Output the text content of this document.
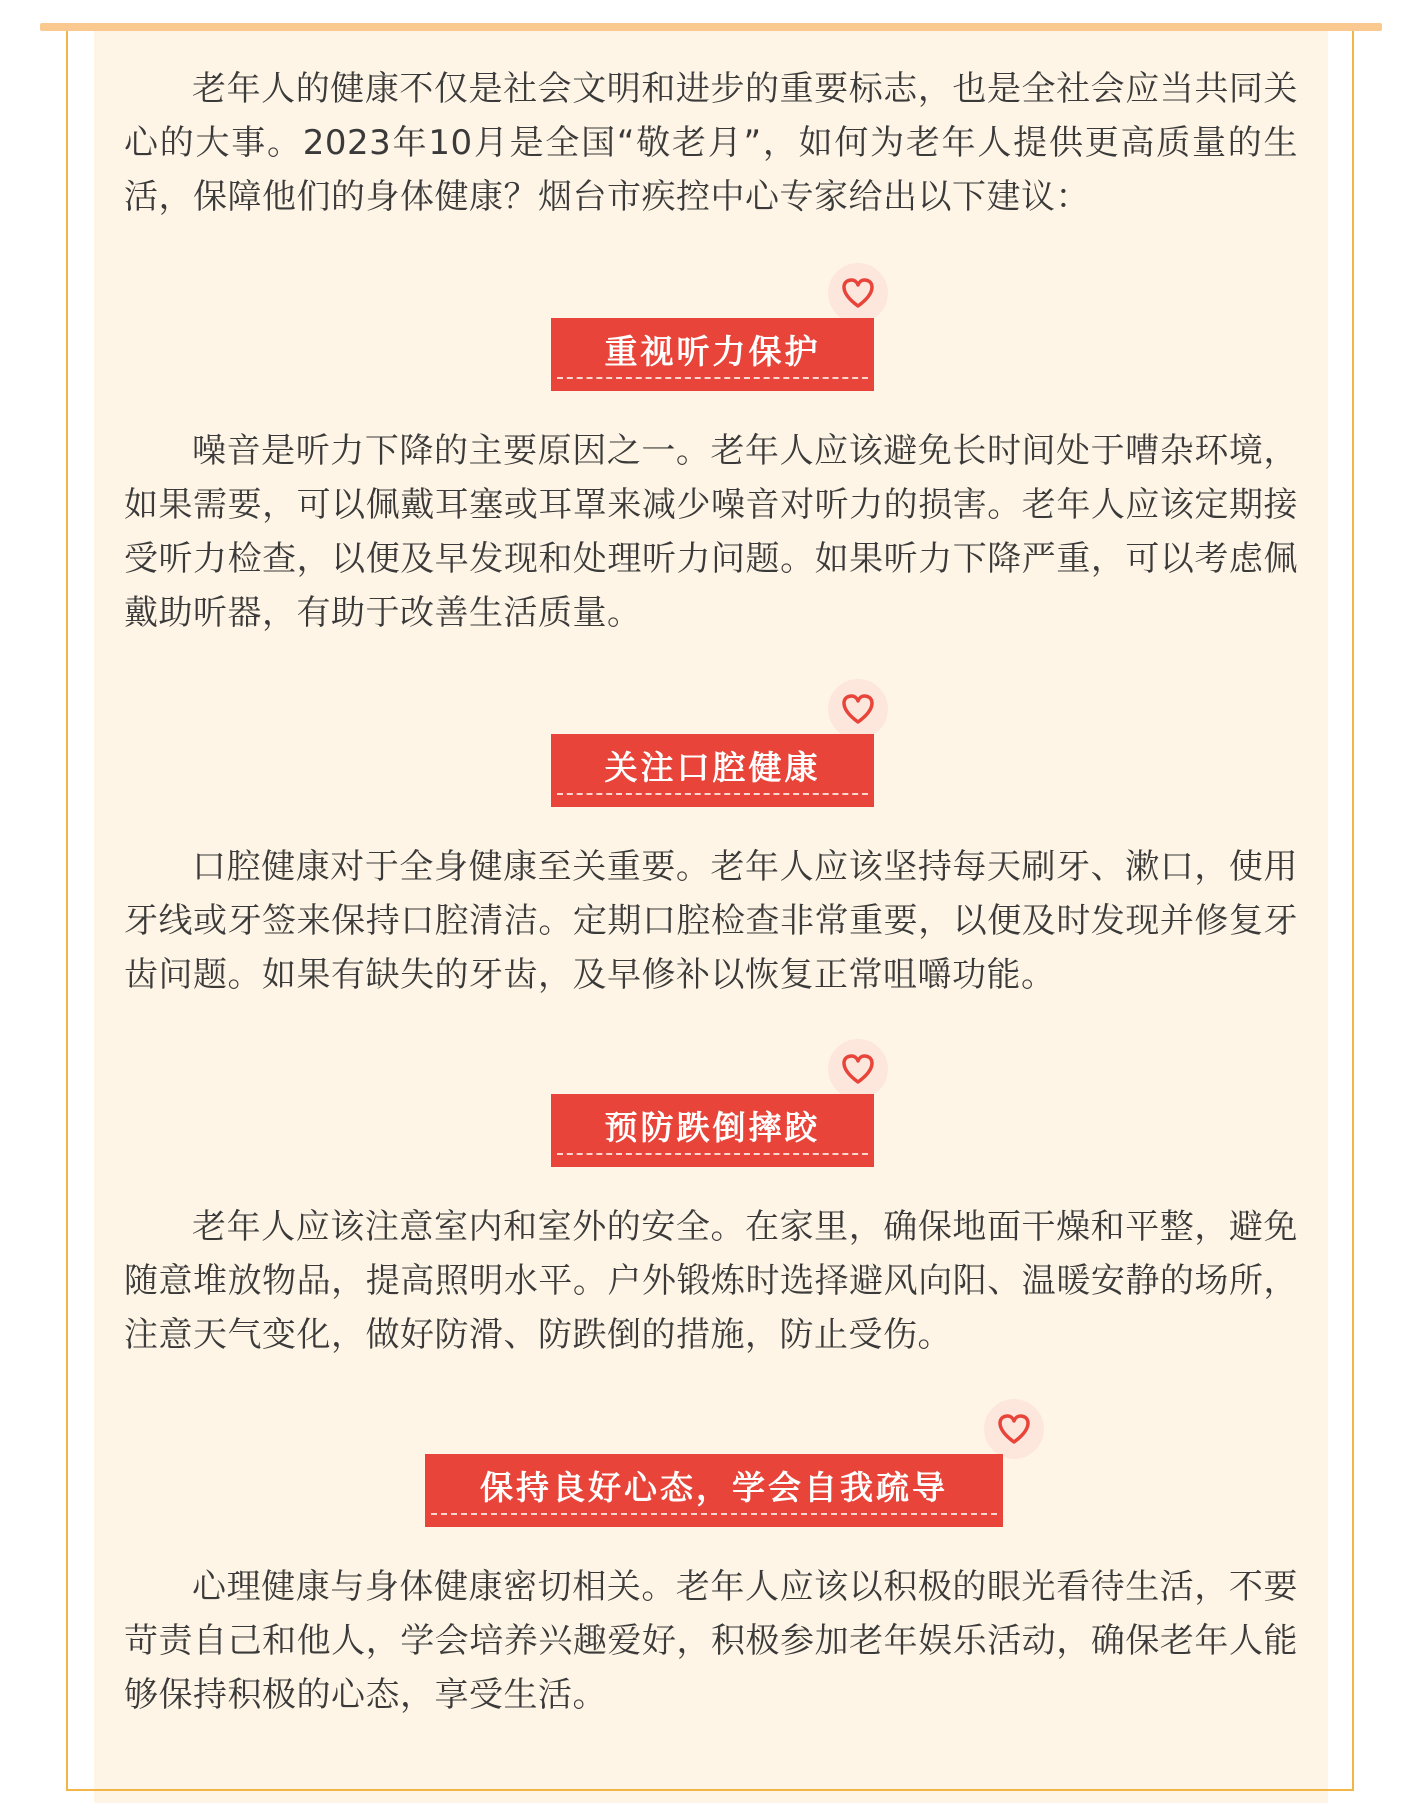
老年人的健康不仅是社会文明和进步的重要标志，也是全社会应当共同关心的大事。2023年10月是全国“敬老月”，如何为老年人提供更高质量的生活，保障他们的身体健康？烟台市疾控中心专家给出以下建议：

重视听力保护

噪音是听力下降的主要原因之一。老年人应该避免长时间处于嘈杂环境，如果需要，可以佩戴耳塞或耳罩来减少噪音对听力的损害。老年人应该定期接受听力检查，以便及早发现和处理听力问题。如果听力下降严重，可以考虑佩戴助听器，有助于改善生活质量。

关注口腔健康

口腔健康对于全身健康至关重要。老年人应该坚持每天刷牙、漱口，使用牙线或牙签来保持口腔清洁。定期口腔检查非常重要，以便及时发现并修复牙齿问题。如果有缺失的牙齿，及早修补以恢复正常咀嚼功能。

预防跌倒摔跤

老年人应该注意室内和室外的安全。在家里，确保地面干燥和平整，避免随意堆放物品，提高照明水平。户外锻炼时选择避风向阳、温暖安静的场所，注意天气变化，做好防滑、防跌倒的措施，防止受伤。

保持良好心态，学会自我疏导

心理健康与身体健康密切相关。老年人应该以积极的眼光看待生活，不要苛责自己和他人，学会培养兴趣爱好，积极参加老年娱乐活动，确保老年人能够保持积极的心态，享受生活。
